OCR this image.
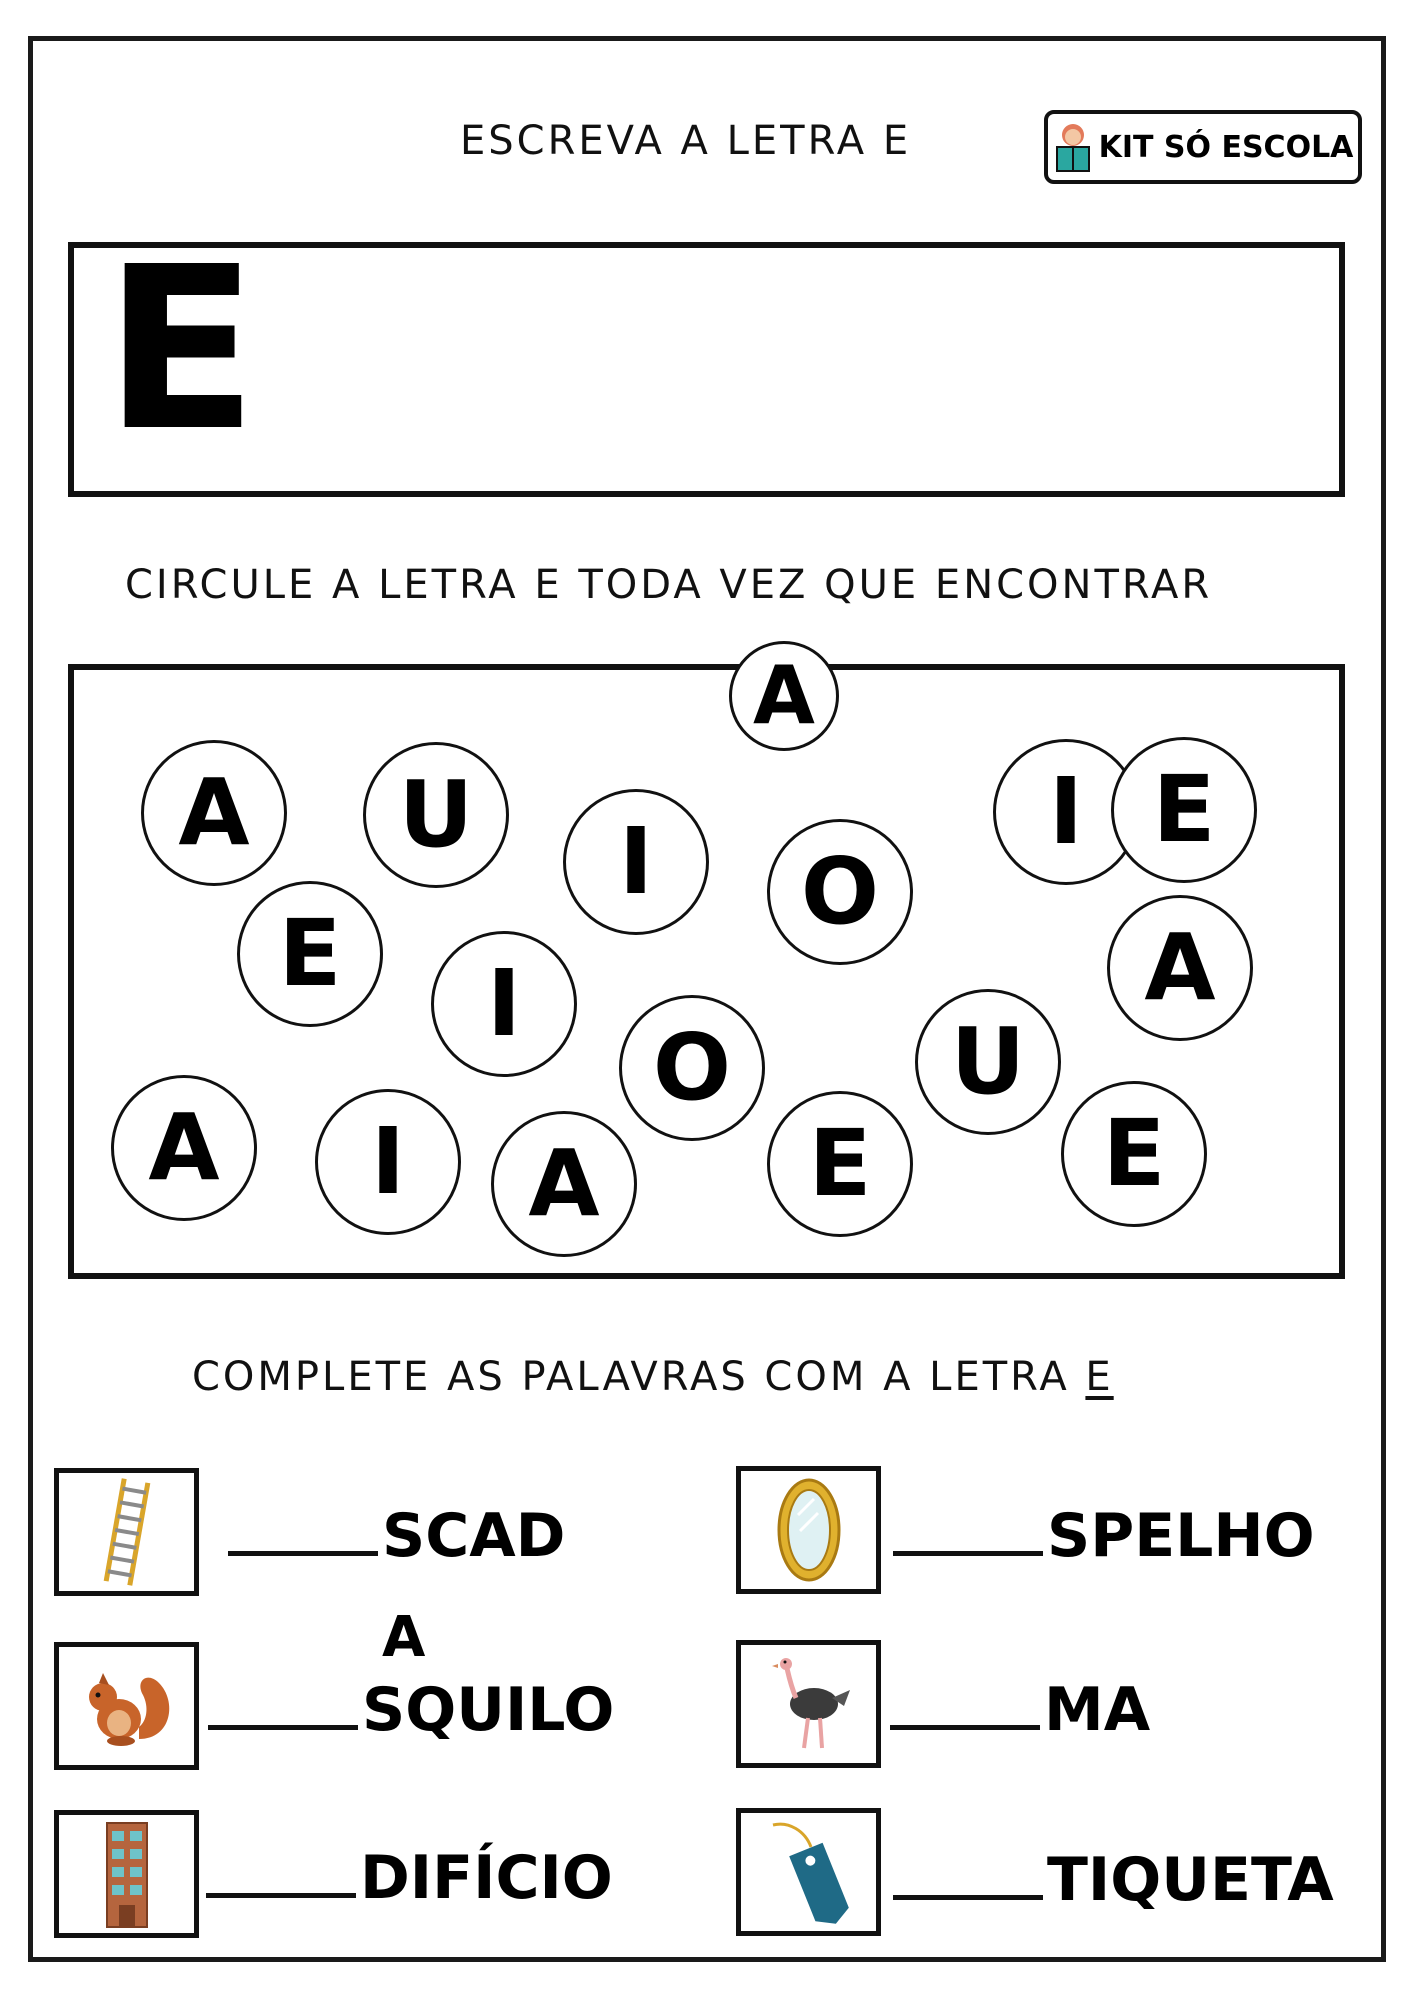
ESCREVA A LETRA E	KIT SÓ ESCOLA
E
CIRCULE A LETRA E TODA VEZ QUE ENCONTRAR
A U I
A
O
I E
E I
O
A
U
A I A E	E
COMPLETE AS PALAVRAS COM A LETRA E
SCAD	SPELHO
A
SQUILO	MA
DIFÍCIO	TIQUETA
